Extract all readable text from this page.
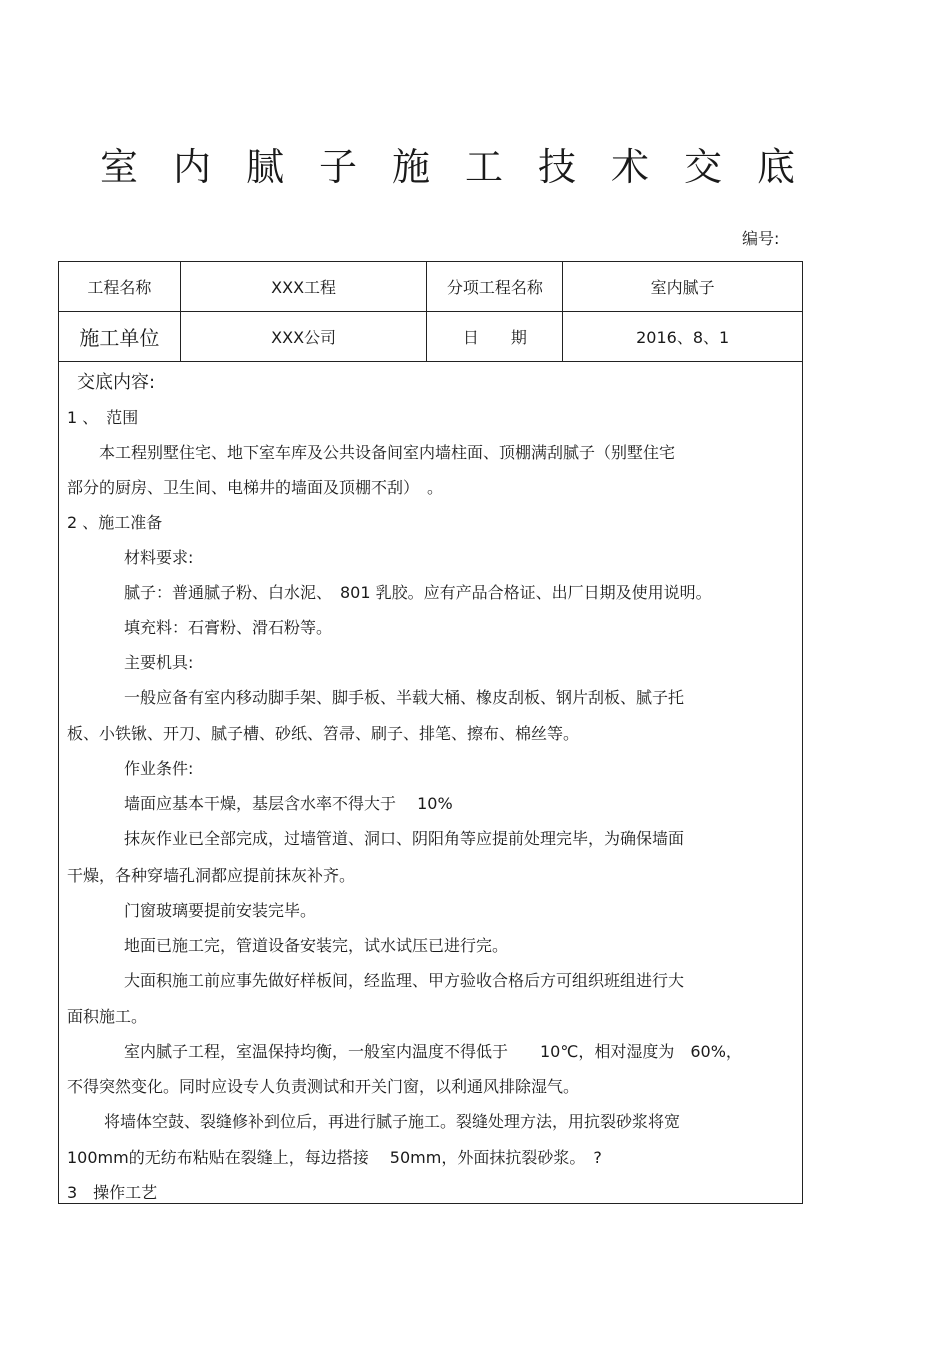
室内腻子施工技术交底
编号:
工程名称	XXX工程	分项工程名称	室内腻子
施工单位	XXX公司	日　　期	2016、8、1
交底内容:
1 、　范围
本工程别墅住宅、地下室车库及公共设备间室内墙柱面、顶棚满刮腻子（别墅住宅
部分的厨房、卫生间、电梯井的墙面及顶棚不刮）　。
2 、施工准备
材料要求:
腻子：普通腻子粉、白水泥、　801 乳胶。应有产品合格证、出厂日期及使用说明。
填充料：石膏粉、滑石粉等。
主要机具:
一般应备有室内移动脚手架、脚手板、半载大桶、橡皮刮板、钢片刮板、腻子托
板、小铁锹、开刀、腻子槽、砂纸、笤帚、刷子、排笔、擦布、棉丝等。
作业条件:
墙面应基本干燥，基层含水率不得大于　 10%
抹灰作业已全部完成，过墙管道、洞口、阴阳角等应提前处理完毕，为确保墙面
干燥，各种穿墙孔洞都应提前抹灰补齐。
门窗玻璃要提前安装完毕。
地面已施工完，管道设备安装完，试水试压已进行完。
大面积施工前应事先做好样板间，经监理、甲方验收合格后方可组织班组进行大
面积施工。
室内腻子工程，室温保持均衡，一般室内温度不得低于　　10℃，相对湿度为　60%，
不得突然变化。同时应设专人负责测试和开关门窗，以利通风排除湿气。
将墙体空鼓、裂缝修补到位后，再进行腻子施工。裂缝处理方法，用抗裂砂浆将宽
100mm的无纺布粘贴在裂缝上，每边搭接　 50mm，外面抹抗裂砂浆。　?
3　操作工艺
